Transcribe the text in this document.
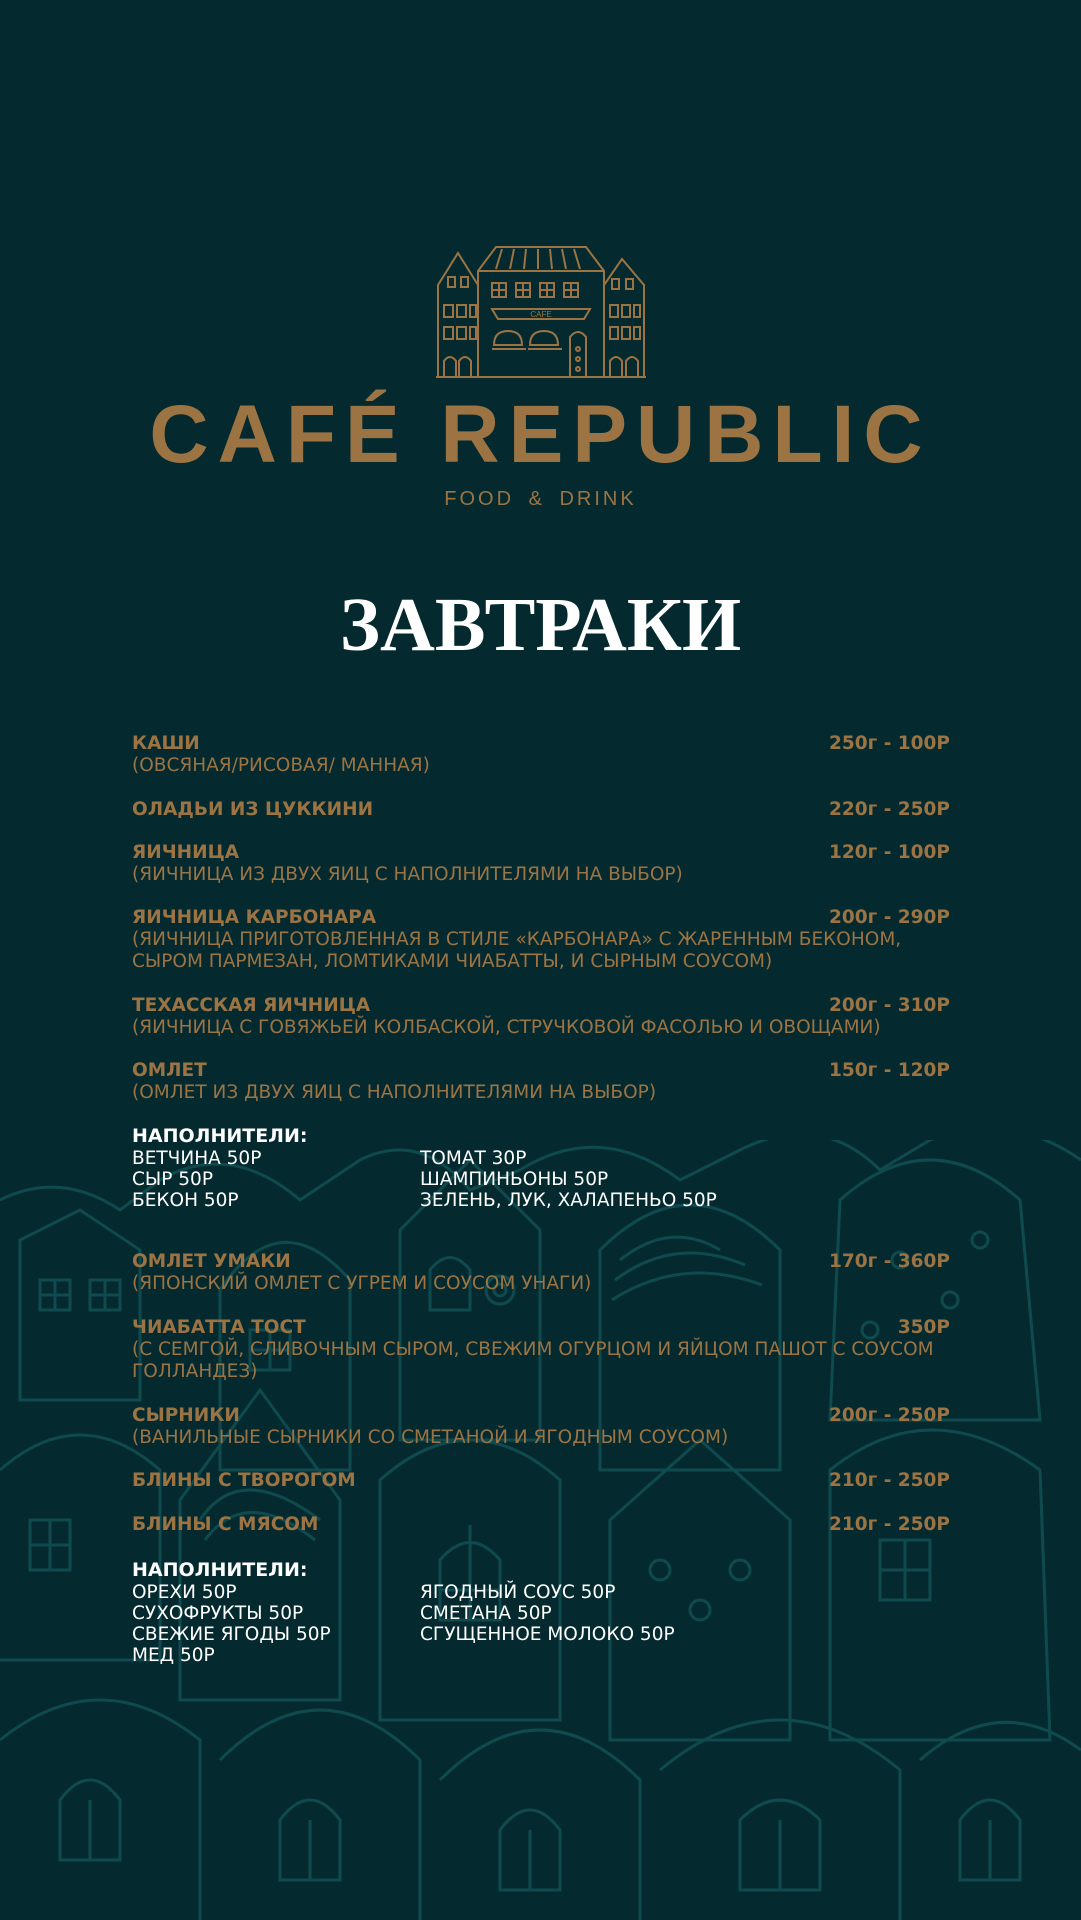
CAFE
CAFÉ REPUBLIC
FOOD & DRINK
ЗАВТРАКИ
КАШИ	250г - 100Р
(ОВСЯНАЯ/РИСОВАЯ/ МАННАЯ)
ОЛАДЬИ ИЗ ЦУККИНИ	220г - 250Р
ЯИЧНИЦА	120г - 100Р
(ЯИЧНИЦА ИЗ ДВУХ ЯИЦ С НАПОЛНИТЕЛЯМИ НА ВЫБОР)
ЯИЧНИЦА КАРБОНАРА	200г - 290Р
(ЯИЧНИЦА ПРИГОТОВЛЕННАЯ В СТИЛЕ «КАРБОНАРА» С ЖАРЕННЫМ БЕКОНОМ,
СЫРОМ ПАРМЕЗАН, ЛОМТИКАМИ ЧИАБАТТЫ, И СЫРНЫМ СОУСОМ)
ТЕХАССКАЯ ЯИЧНИЦА	200г - 310Р
(ЯИЧНИЦА С ГОВЯЖЬЕЙ КОЛБАСКОЙ, СТРУЧКОВОЙ ФАСОЛЬЮ И ОВОЩАМИ)
ОМЛЕТ	150г - 120Р
(ОМЛЕТ ИЗ ДВУХ ЯИЦ С НАПОЛНИТЕЛЯМИ НА ВЫБОР)
НАПОЛНИТЕЛИ:
ВЕТЧИНА 50Р
СЫР 50Р
БЕКОН 50Р
ТОМАТ 30Р
ШАМПИНЬОНЫ 50Р
ЗЕЛЕНЬ, ЛУК, ХАЛАПЕНЬО 50Р
ОМЛЕТ УМАКИ	170г - 360Р
(ЯПОНСКИЙ ОМЛЕТ С УГРЕМ И СОУСОМ УНАГИ)
ЧИАБАТТА ТОСТ	350Р
(С СЕМГОЙ, СЛИВОЧНЫМ СЫРОМ, СВЕЖИМ ОГУРЦОМ И ЯЙЦОМ ПАШОТ С СОУСОМ
ГОЛЛАНДЕЗ)
СЫРНИКИ	200г - 250Р
(ВАНИЛЬНЫЕ СЫРНИКИ СО СМЕТАНОЙ И ЯГОДНЫМ СОУСОМ)
БЛИНЫ С ТВОРОГОМ	210г - 250Р
БЛИНЫ С МЯСОМ	210г - 250Р
НАПОЛНИТЕЛИ:
ОРЕХИ 50Р
СУХОФРУКТЫ 50Р
СВЕЖИЕ ЯГОДЫ 50Р
МЕД 50Р
ЯГОДНЫЙ СОУС 50Р
СМЕТАНА 50Р
СГУЩЕННОЕ МОЛОКО 50Р
